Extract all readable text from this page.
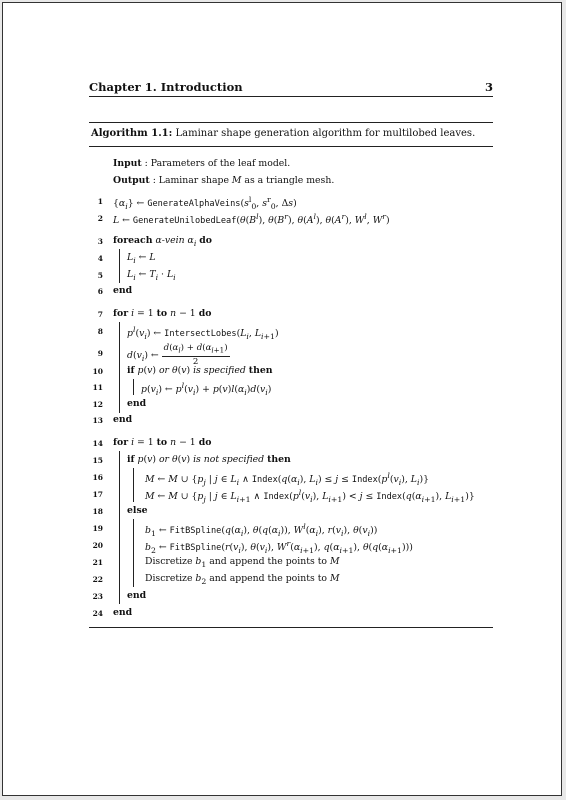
Chapter 1. Introduction	3
Algorithm 1.1: Laminar shape generation algorithm for multilobed leaves.
Input : Parameters of the leaf model.
Output : Laminar shape M as a triangle mesh.
1 $\{\alpha_i\}$ ← $GenerateAlphaVeins(s^l_0$, $s^r_0$, Δs)
2 L ← $GenerateUnilobedLeaf(\theta(B^l)$, $\theta(B^r)$, $\theta(A^l)$, $\theta(A^r)$, $W^l$, $W^r$)
3 foreach α-vein $\alpha_i$ do
4	$L_i$ ← L
5	$L_i$ ← $T_i \cdot L_i$
6 end
7 for i = 1 to n − 1 do
8	$p^l(v_i)$ ← $IntersectLobes(L_i$, $L_{i+1}$)
9	$d(v_i)$ ← $\frac{d(\alpha_i) + d(\alpha_{i+1})}{2}$
10	if p(v) or θ(v) is specified then
11	$p(v_i)$ ← $p^l(v_i) + p(v)l(\alpha_i)d(v_i)$
12	end
13 end
14 for i = 1 to n − 1 do
15	if p(v) or θ(v) is not specified then
16	M ← M ∪ {$p_j$ | j ∈ $L_i$ ∧ $Index(q(\alpha_i)$, $L_i) \le j$ ≤ $Index(p^l(v_i)$, $L_i$)}
17	M ← M ∪ {$p_j$ | j ∈ $L_{i+1}$ ∧ $Index(p^l(v_i)$, $L_{i+1}) < j$ ≤ $Index(q(\alpha_{i+1})$, $L_{i+1}$)}
18	else
19	$b_1$ ← $FitBSpline(q(\alpha_i)$, $\theta(q(\alpha_i))$, $W^l(\alpha_i)$, $r(v_i)$, $\theta(v_i)$)
20	$b_2$ ← $FitBSpline(r(v_i)$, $\theta(v_i)$, $W^r(\alpha_{i+1})$, $q(\alpha_{i+1})$, $\theta(q(\alpha_{i+1}))$)
21	Discretize $b_1$ and append the points to M
22	Discretize $b_2$ and append the points to M
23	end
24 end
